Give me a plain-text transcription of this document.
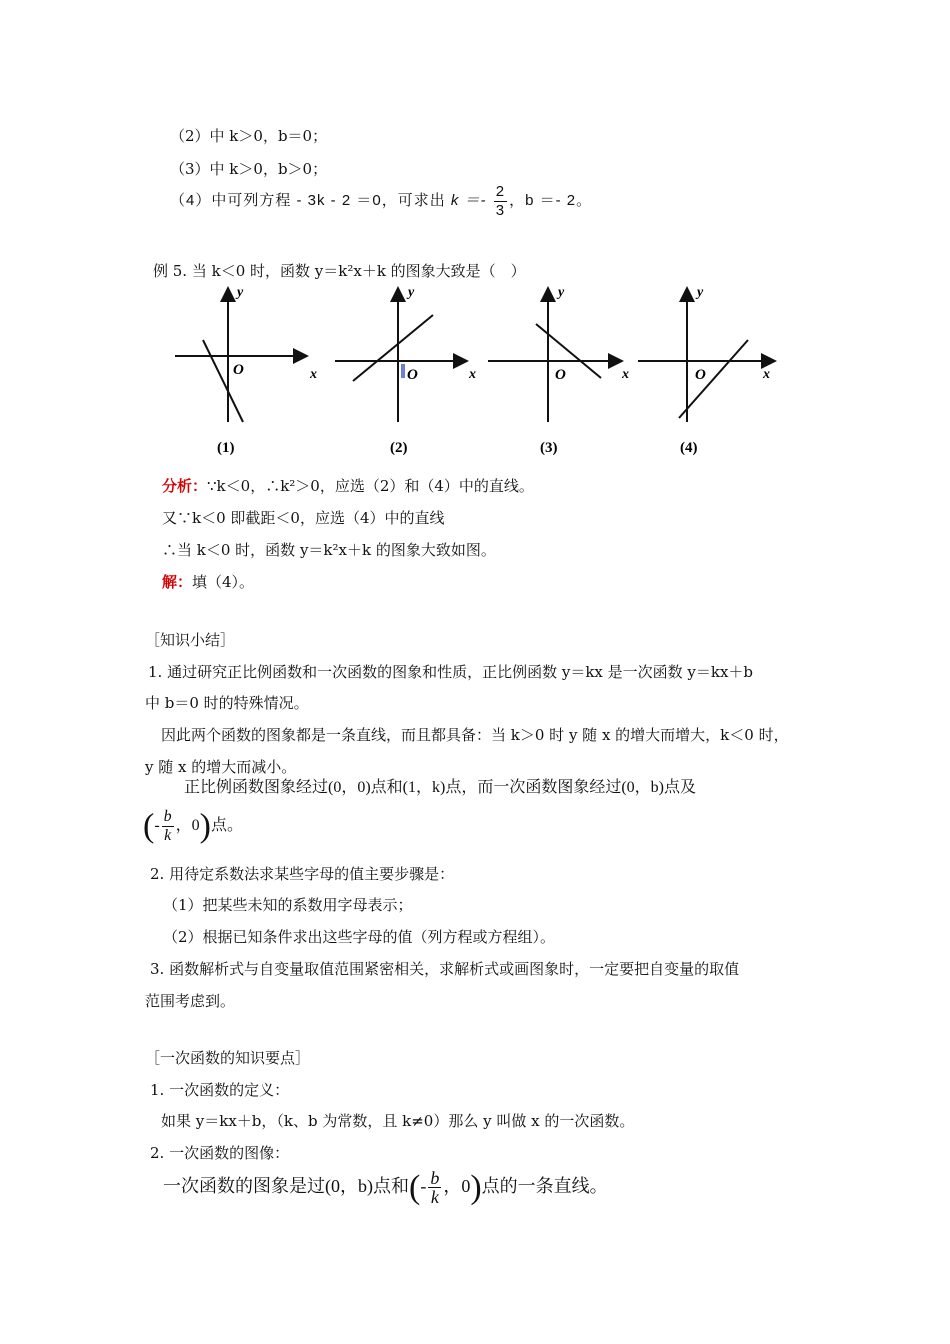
（2）中 k＞0，b＝0；
（3）中 k＞0，b＞0；
（4）中可列方程 - 3k - 2 ＝0，可求出 $k =- \frac{2}{3}$ ，b ＝- 2。
例 5. 当 k＜0 时，函数 y＝k²x＋k 的图象大致是（　）
y
x
O
(1)
y
x
O
(2)
y
x
O
(3)
y
x
O
(4)
分析：∵k＜0，∴k²＞0，应选（2）和（4）中的直线。
又∵k＜0 即截距＜0，应选（4）中的直线
∴当 k＜0 时，函数 y＝k²x＋k 的图象大致如图。
解：填（4）。
［知识小结］
1. 通过研究正比例函数和一次函数的图象和性质，正比例函数 y＝kx 是一次函数 y＝kx＋b
中 b＝0 时的特殊情况。
因此两个函数的图象都是一条直线，而且都具备：当 k＞0 时 y 随 x 的增大而增大，k＜0 时，
y 随 x 的增大而减小。
正比例函数图象经过(0，0)点和(1，k)点，而一次函数图象经过(0，b)点及
(- $\frac{b}{k}$ ，0)点。
2. 用待定系数法求某些字母的值主要步骤是：
（1）把某些未知的系数用字母表示；
（2）根据已知条件求出这些字母的值（列方程或方程组）。
3. 函数解析式与自变量取值范围紧密相关，求解析式或画图象时，一定要把自变量的取值
范围考虑到。
［一次函数的知识要点］
1. 一次函数的定义：
如果 y＝kx＋b，（k、b 为常数，且 k≠0）那么 y 叫做 x 的一次函数。
2. 一次函数的图像：
一次函数的图象是过(0，b)点和(- $\frac{b}{k}$ ，0)点的一条直线。
